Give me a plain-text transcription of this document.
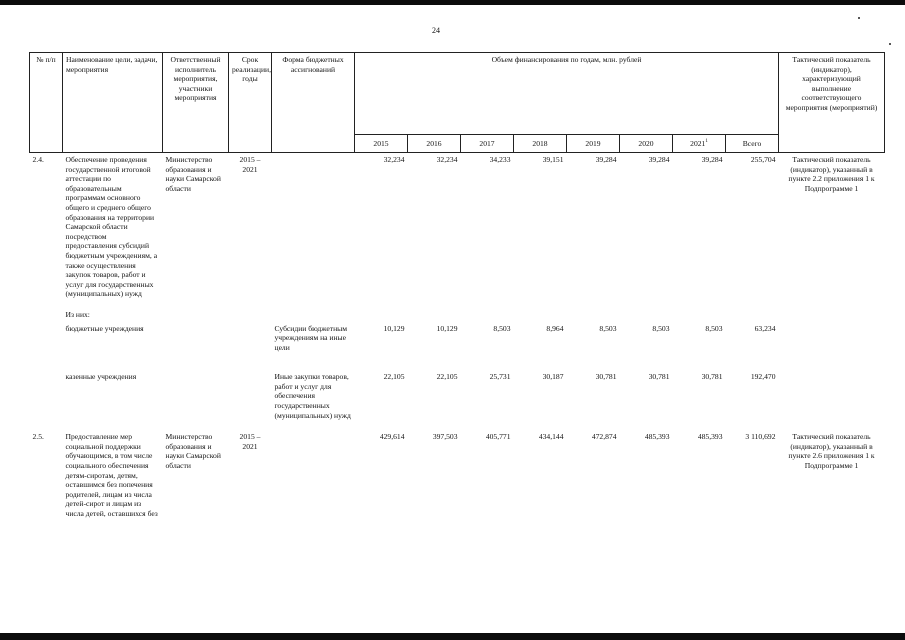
24
№ п/п	Наименование цели, задачи, мероприятия	Ответственный исполнитель мероприятия, участники мероприятия	Срок реализации, годы	Форма бюджетных ассигнований	Объем финансирования по годам, млн. рублей								Тактический показатель (индикатор), характеризующий выполнение соответствующего мероприятия (мероприятий)
					2015	2016	2017	2018	2019	2020	2021$^1$	Всего	
2.4.	Обеспечение проведения государственной итоговой аттестации по образовательным программам основного общего и среднего общего образования на территории Самарской области посредством предоставления субсидий бюджетным учреждениям, а также осуществления закупок товаров, работ и услуг для государственных (муниципальных) нужд	Министерство образования и науки Самарской области	2015 – 2021		32,234	32,234	34,233	39,151	39,284	39,284	39,284	255,704	Тактический показатель (индикатор), указанный в пункте 2.2 приложения 1 к Подпрограмме 1

	Из них:												
	бюджетные учреждения			Субсидии бюджетным учреждениям на иные цели	10,129	10,129	8,503	8,964	8,503	8,503	8,503	63,234	

	казенные учреждения			Иные закупки товаров, работ и услуг для обеспечения государственных (муниципальных) нужд	22,105	22,105	25,731	30,187	30,781	30,781	30,781	192,470	

2.5.	Предоставление мер социальной поддержки обучающимся, в том числе социального обеспечения детям-сиротам, детям, оставшимся без попечения родителей, лицам из числа детей-сирот и лицам из числа детей, оставшихся без	Министерство образования и науки Самарской области	2015 – 2021		429,614	397,503	405,771	434,144	472,874	485,393	485,393	3 110,692	Тактический показатель (индикатор), указанный в пункте 2.6 приложения 1 к Подпрограмме 1
